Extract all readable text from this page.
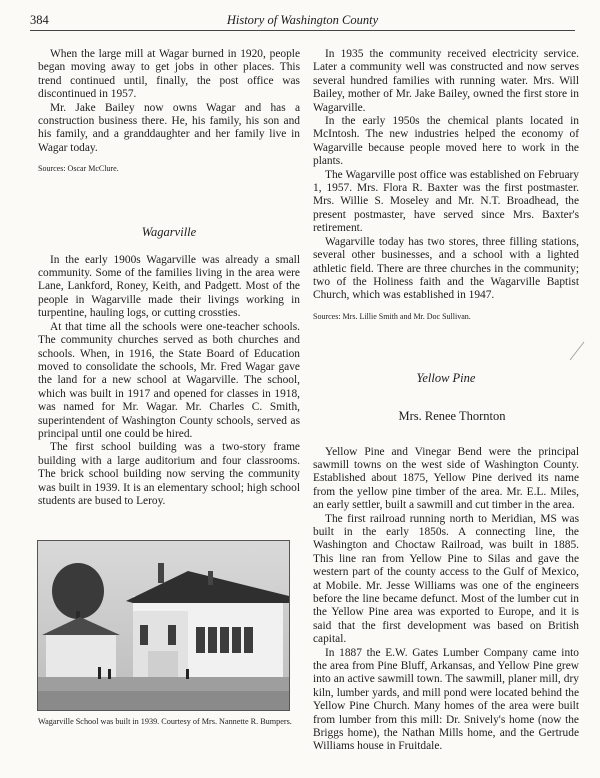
384	History of Washington County

When the large mill at Wagar burned in 1920, people began moving away to get jobs in other places. This trend continued until, finally, the post office was discontinued in 1957.

Mr. Jake Bailey now owns Wagar and has a construction business there. He, his family, his son and his family, and a granddaughter and her family live in Wagar today.

Sources: Oscar McClure.

Wagarville

In the early 1900s Wagarville was already a small community. Some of the families living in the area were Lane, Lankford, Roney, Keith, and Padgett. Most of the people in Wagarville made their livings working in turpentine, hauling logs, or cutting crossties.

At that time all the schools were one-teacher schools. The community churches served as both churches and schools. When, in 1916, the State Board of Education moved to consolidate the schools, Mr. Fred Wagar gave the land for a new school at Wagarville. The school, which was built in 1917 and opened for classes in 1918, was named for Mr. Wagar. Mr. Charles C. Smith, superintendent of Washington County schools, served as principal until one could be hired.

The first school building was a two-story frame building with a large auditorium and four classrooms. The brick school building now serving the community was built in 1939. It is an elementary school; high school students are bused to Leroy.

Wagarville School was built in 1939. Courtesy of Mrs. Nannette R. Bumpers.

In 1935 the community received electricity service. Later a community well was constructed and now serves several hundred families with running water. Mrs. Will Bailey, mother of Mr. Jake Bailey, owned the first store in Wagarville.

In the early 1950s the chemical plants located in McIntosh. The new industries helped the economy of Wagarville because people moved here to work in the plants.

The Wagarville post office was established on February 1, 1957. Mrs. Flora R. Baxter was the first postmaster. Mrs. Willie S. Moseley and Mr. N.T. Broadhead, the present postmaster, have served since Mrs. Baxter's retirement.

Wagarville today has two stores, three filling stations, several other businesses, and a school with a lighted athletic field. There are three churches in the community; two of the Holiness faith and the Wagarville Baptist Church, which was established in 1947.

Sources: Mrs. Lillie Smith and Mr. Doc Sullivan.

Yellow Pine

Mrs. Renee Thornton

Yellow Pine and Vinegar Bend were the principal sawmill towns on the west side of Washington County. Established about 1875, Yellow Pine derived its name from the yellow pine timber of the area. Mr. E.L. Miles, an early settler, built a sawmill and cut timber in the area.

The first railroad running north to Meridian, MS was built in the early 1850s. A connecting line, the Washington and Choctaw Railroad, was built in 1885. This line ran from Yellow Pine to Silas and gave the western part of the county access to the Gulf of Mexico, at Mobile. Mr. Jesse Williams was one of the engineers before the line became defunct. Most of the lumber cut in the Yellow Pine area was exported to Europe, and it is said that the first development was based on British capital.

In 1887 the E.W. Gates Lumber Company came into the area from Pine Bluff, Arkansas, and Yellow Pine grew into an active sawmill town. The sawmill, planer mill, dry kiln, lumber yards, and mill pond were located behind the Yellow Pine Church. Many homes of the area were built from lumber from this mill: Dr. Snively's home (now the Briggs home), the Nathan Mills home, and the Gertrude Williams house in Fruitdale.
